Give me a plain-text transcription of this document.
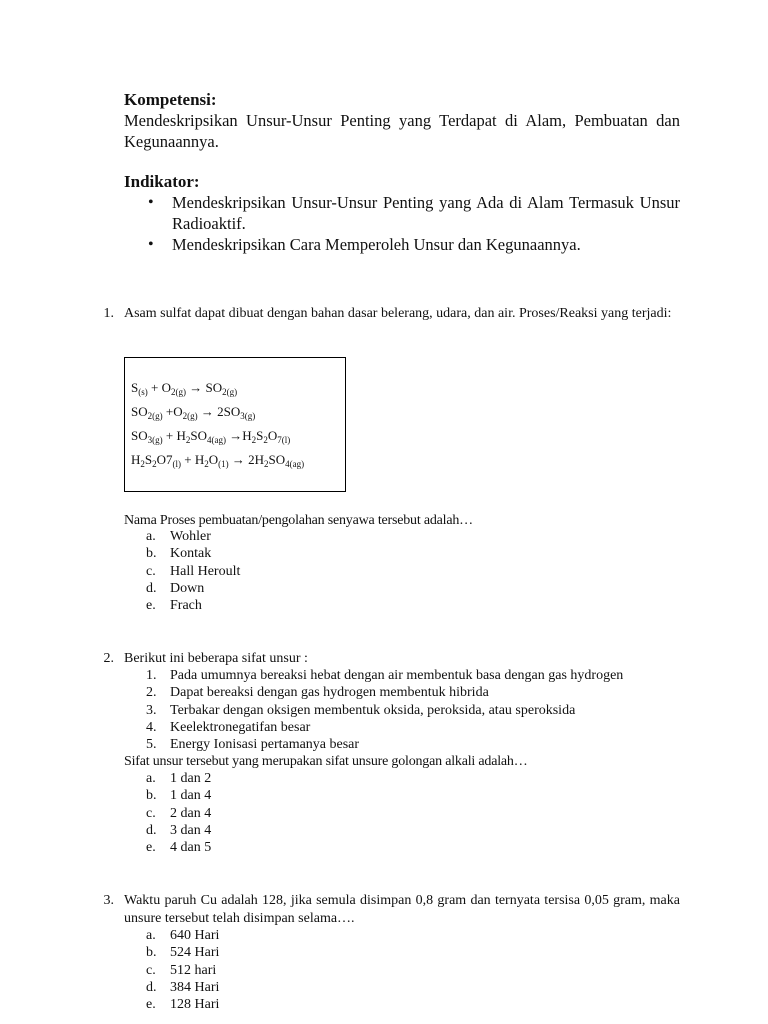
Kompetensi:
Mendeskripsikan Unsur-Unsur Penting yang Terdapat di Alam, Pembuatan dan Kegunaannya.
Indikator:
•	Mendeskripsikan Unsur-Unsur Penting yang Ada di Alam Termasuk Unsur Radioaktif.
•	Mendeskripsikan Cara Memperoleh Unsur dan Kegunaannya.
1. Asam sulfat dapat dibuat dengan bahan dasar belerang, udara, dan air. Proses/Reaksi yang terjadi:
$S_{(s)} + O_{2(g)} \to SO_{2(g)}$
$SO_{2(g)} +O_{2(g)} \to 2SO_{3(g)}$
$SO_{3(g)} + H_2SO_{4(ag)} \to H_2S_2O_{7(l)}$
$H_2S_2O7_{(l)} + H_2O_{(1)} \to 2H_2SO_{4(ag)}$
Nama Proses pembuatan/pengolahan senyawa tersebut adalah…
a.	Wohler
b. Kontak
c.	Hall Heroult
d. Down
e.	Frach
2. Berikut ini beberapa sifat unsur :
1. Pada umumnya bereaksi hebat dengan air membentuk basa dengan gas hydrogen
2. Dapat bereaksi dengan gas hydrogen membentuk hibrida
3. Terbakar dengan oksigen membentuk oksida, peroksida, atau speroksida
4. Keelektronegatifan besar
5. Energy Ionisasi pertamanya besar
Sifat unsur tersebut yang merupakan sifat unsure golongan alkali adalah…
a.	1 dan 2
b. 1 dan 4
c.	2 dan 4
d. 3 dan 4
e.	4 dan 5
3. Waktu paruh Cu adalah 128, jika semula disimpan 0,8 gram dan ternyata tersisa 0,05 gram, maka unsure tersebut telah disimpan selama….
a.	640 Hari
b. 524 Hari
c.	512 hari
d. 384 Hari
e.	128 Hari
